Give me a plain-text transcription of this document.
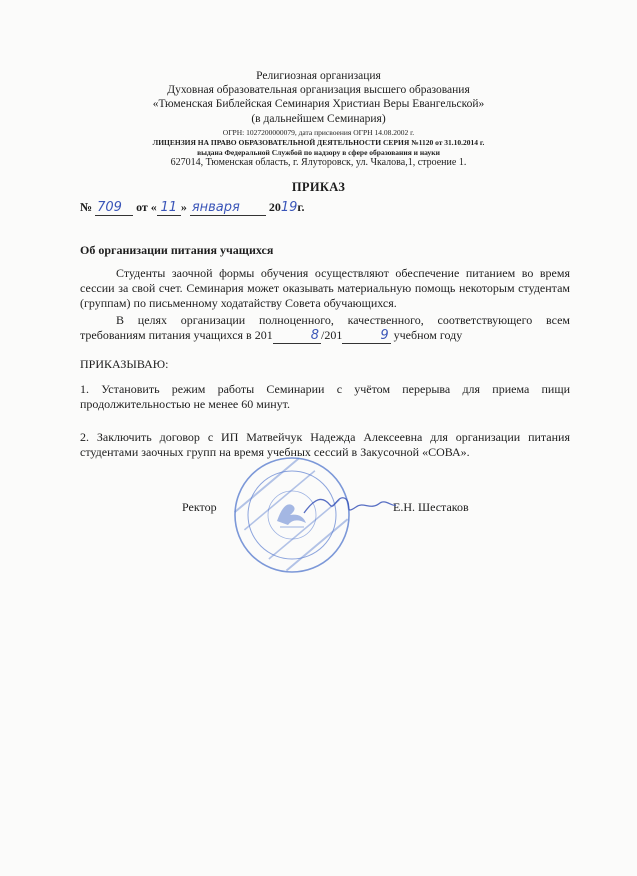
Религиозная организация
Духовная образовательная организация высшего образования
«Тюменская Библейская Семинария Христиан Веры Евангельской»
(в дальнейшем Семинария)
ОГРН: 1027200000079, дата присвоения ОГРН 14.08.2002 г.
ЛИЦЕНЗИЯ НА ПРАВО ОБРАЗОВАТЕЛЬНОЙ ДЕЯТЕЛЬНОСТИ СЕРИЯ №1120 от 31.10.2014 г.
выдана Федеральной Службой по надзору в сфере образования и науки
627014, Тюменская область, г. Ялуторовск, ул. Чкалова,1, строение 1.
ПРИКАЗ
№ 709 от « 11 » января 2019г.
Об организации питания учащихся
Студенты заочной формы обучения осуществляют обеспечение питанием во время сессии за свой счет. Семинария может оказывать материальную помощь некоторым студентам (группам) по письменному ходатайству Совета обучающихся.
В целях организации полноценного, качественного, соответствующего всем требованиям питания учащихся в 201	8 /201	9 учебном году
ПРИКАЗЫВАЮ:
1. Установить режим работы Семинарии с учётом перерыва для приема пищи продолжительностью не менее 60 минут.
2. Заключить договор с ИП Матвейчук Надежда Алексеевна для организации питания студентами заочных групп на время учебных сессий в Закусочной «СОВА».
Ректор	Е.Н. Шестаков
